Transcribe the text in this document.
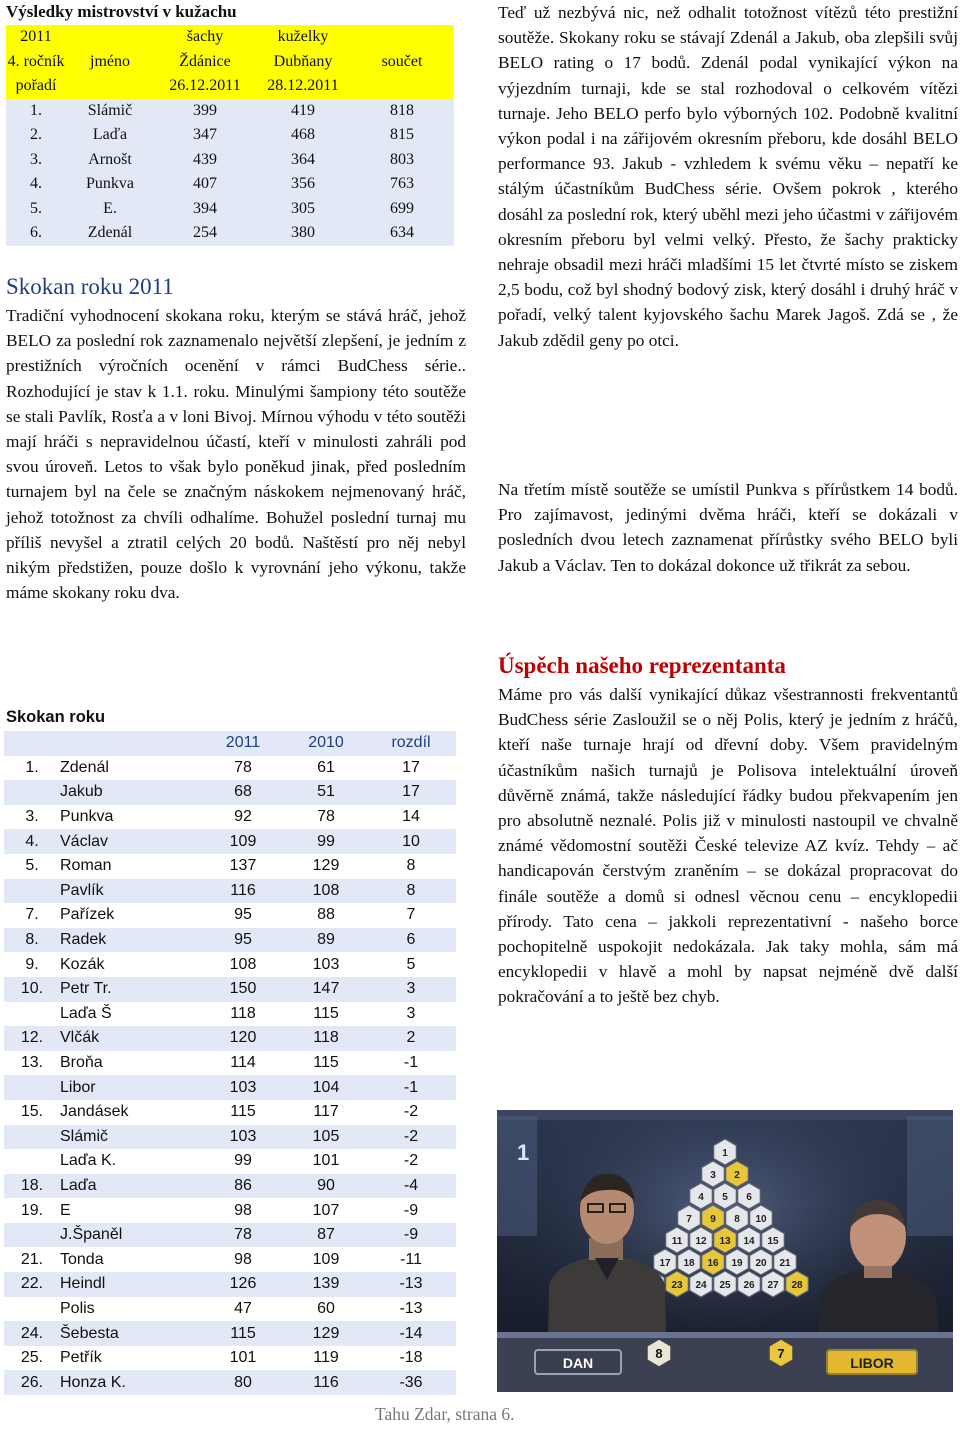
Výsledky mistrovství v kužachu
2011		šachy	kuželky	
4. ročník	jméno	Ždánice	Dubňany	součet
pořadí		26.12.2011	28.12.2011	
1.	Slámič	399	419	818
2.	Laďa	347	468	815
3.	Arnošt	439	364	803
4.	Punkva	407	356	763
5.	E.	394	305	699
6.	Zdenál	254	380	634
Skokan roku 2011

Tradiční vyhodnocení skokana roku, kterým se stává hráč, jehož BELO za poslední rok zaznamenalo největší zlepšení, je jedním z prestižních výročních ocenění v rámci BudChess série.. Rozhodující je stav k 1.1. roku. Minulými šampiony této soutěže se stali Pavlík, Rosťa a v loni Bivoj. Mírnou výhodu v této soutěži mají hráči s nepravidelnou účastí, kteří v minulosti zahráli pod svou úroveň. Letos to však bylo poněkud jinak, před posledním turnajem byl na čele se značným náskokem nejmenovaný hráč, jehož totožnost za chvíli odhalíme. Bohužel poslední turnaj mu příliš nevyšel a ztratil celých 20 bodů. Naštěstí pro něj nebyl nikým předstižen, pouze došlo k vyrovnání jeho výkonu, takže máme skokany roku dva.

Skokan roku
		2011	2010	rozdíl
1.	Zdenál	78	61	17
	Jakub	68	51	17
3.	Punkva	92	78	14
4.	Václav	109	99	10
5.	Roman	137	129	8
	Pavlík	116	108	8
7.	Pařízek	95	88	7
8.	Radek	95	89	6
9.	Kozák	108	103	5
10.	Petr Tr.	150	147	3
	Laďa Š	118	115	3
12.	Vlčák	120	118	2
13.	Broňa	114	115	-1
	Libor	103	104	-1
15.	Jandásek	115	117	-2
	Slámič	103	105	-2
	Laďa K.	99	101	-2
18.	Laďa	86	90	-4
19.	E	98	107	-9
	J.Španěl	78	87	-9
21.	Tonda	98	109	-11
22.	Heindl	126	139	-13
	Polis	47	60	-13
24.	Šebesta	115	129	-14
25.	Petřík	101	119	-18
26.	Honza K.	80	116	-36

Teď už nezbývá nic, než odhalit totožnost vítězů této prestižní soutěže. Skokany roku se stávají Zdenál a Jakub, oba zlepšili svůj BELO rating o 17 bodů. Zdenál podal vynikající výkon na výjezdním turnaji, kde se stal rozhodoval o celkovém vítězi turnaje. Jeho BELO perfo bylo výborných 102. Podobně kvalitní výkon podal i na zářijovém okresním přeboru, kde dosáhl BELO performance 93. Jakub - vzhledem k svému věku – nepatří ke stálým účastníkům BudChess série. Ovšem pokrok , kterého dosáhl za poslední rok, který uběhl mezi jeho účastmi v zářijovém okresním přeboru byl velmi velký. Přesto, že šachy prakticky nehraje obsadil mezi hráči mladšími 15 let čtvrté místo se ziskem 2,5 bodu, což byl shodný bodový zisk, který dosáhl i druhý hráč v pořadí, velký talent kyjovského šachu Marek Jagoš. Zdá se , že Jakub zdědil geny po otci.

Na třetím místě soutěže se umístil Punkva s přírůstkem 14 bodů. Pro zajímavost, jedinými dvěma hráči, kteří se dokázali v posledních dvou letech zaznamenat přírůstky svého BELO byli Jakub a Václav. Ten to dokázal dokonce už třikrát za sebou.

Úspěch našeho reprezentanta

Máme pro vás další vynikající důkaz všestrannosti frekventantů BudChess série Zasloužil se o něj Polis, který je jedním z hráčů, kteří naše turnaje hrají od dřevní doby. Všem pravidelným účastníkům našich turnajů je Polisova intelektuální úroveň důvěrně známá, takže následující řádky budou překvapením jen pro absolutně neznalé. Polis již v minulosti nastoupil ve chvalně známé vědomostní soutěži České televize AZ kvíz. Tehdy – ač handicapován čerstvým zraněním – se dokázal propracovat do finále soutěže a domů si odnesl věcnou cenu – encyklopedii přírody. Tato cena – jakkoli reprezentativní - našeho borce pochopitelně uspokojit nedokázala. Jak taky mohla, sám má encyklopedii v hlavě a mohl by napsat nejméně dvě další pokračování a to ještě bez chyb.

1	1
3 2
4 5 6
7 9 8 10
11 12 13 14 15
17 18 16 19 20 21
23 24 25 26 27 28
DAN
8	7
LIBOR
Tahu Zdar, strana 6.
